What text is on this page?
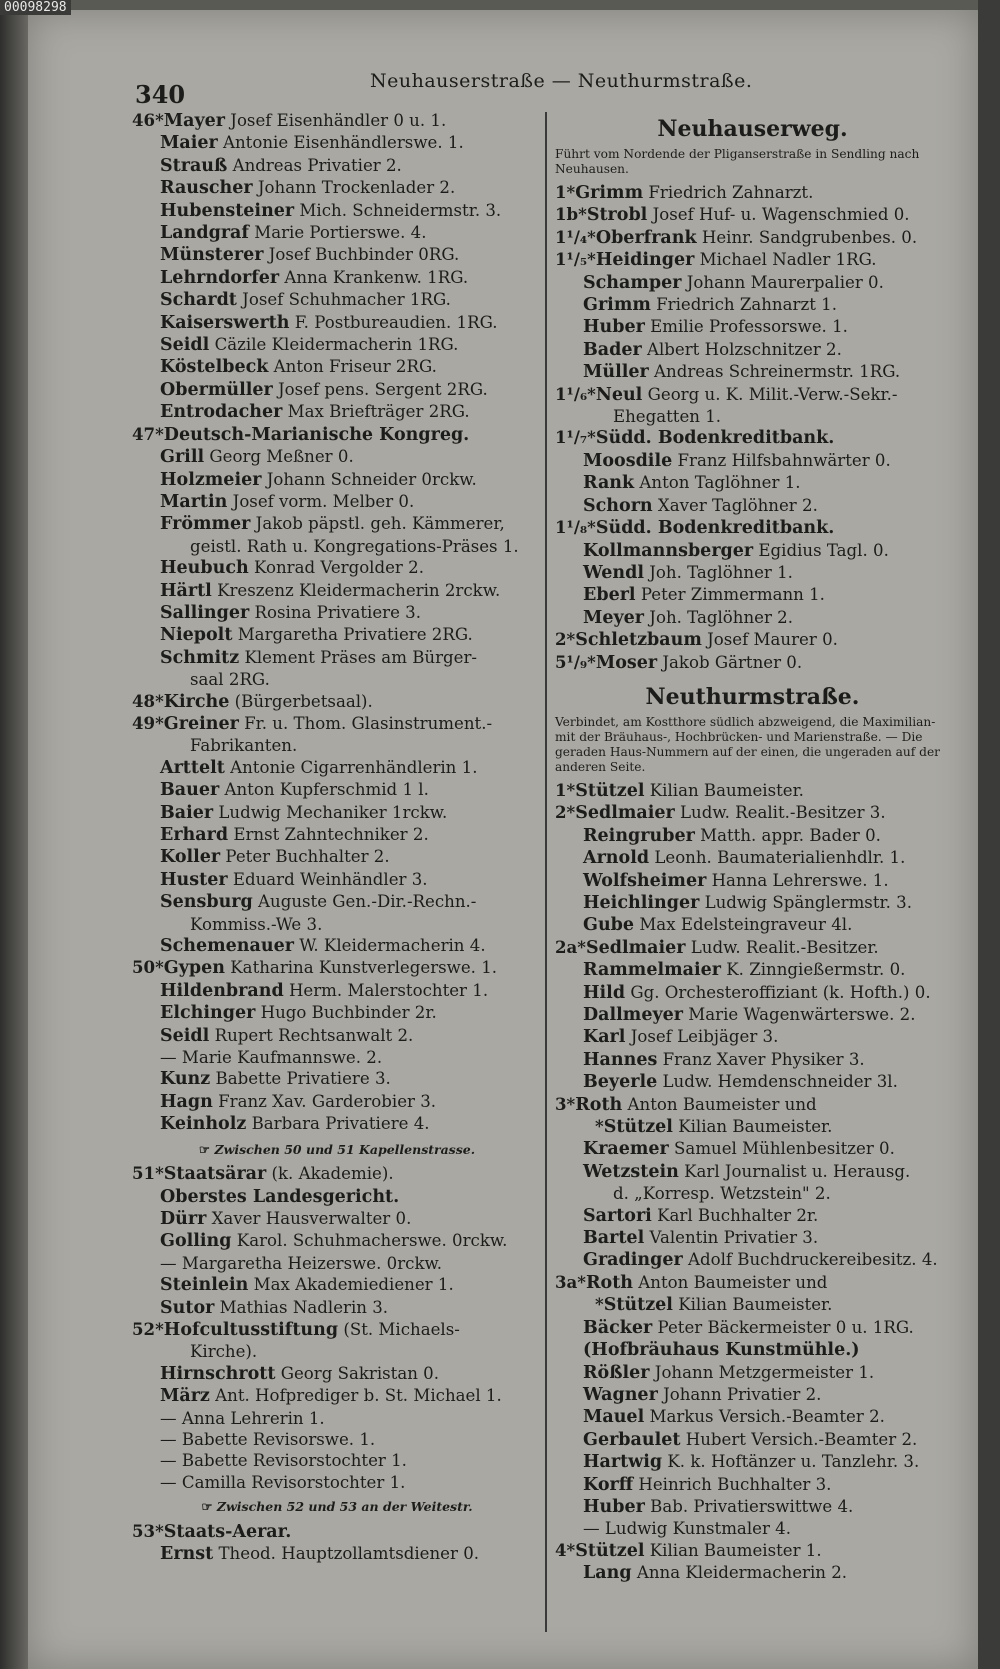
00098298
340	Neuhauserstraße — Neuthurmstraße.
46*Mayer Josef Eisenhändler 0 u. 1.
Maier Antonie Eisenhändlerswe. 1.
Strauß Andreas Privatier 2.
Rauscher Johann Trockenlader 2.
Hubensteiner Mich. Schneidermstr. 3.
Landgraf Marie Portierswe. 4.
Münsterer Josef Buchbinder 0RG.
Lehrndorfer Anna Krankenw. 1RG.
Schardt Josef Schuhmacher 1RG.
Kaiserswerth F. Postbureaudien. 1RG.
Seidl Cäzile Kleidermacherin 1RG.
Köstelbeck Anton Friseur 2RG.
Obermüller Josef pens. Sergent 2RG.
Entrodacher Max Briefträger 2RG.
47*Deutsch-Marianische Kongreg.
Grill Georg Meßner 0.
Holzmeier Johann Schneider 0rckw.
Martin Josef vorm. Melber 0.
Frömmer Jakob päpstl. geh. Kämmerer,
geistl. Rath u. Kongregations-Präses 1.
Heubuch Konrad Vergolder 2.
Härtl Kreszenz Kleidermacherin 2rckw.
Sallinger Rosina Privatiere 3.
Niepolt Margaretha Privatiere 2RG.
Schmitz Klement Präses am Bürger-
saal 2RG.
48*Kirche (Bürgerbetsaal).
49*Greiner Fr. u. Thom. Glasinstrument.-
Fabrikanten.
Arttelt Antonie Cigarrenhändlerin 1.
Bauer Anton Kupferschmid 1 l.
Baier Ludwig Mechaniker 1rckw.
Erhard Ernst Zahntechniker 2.
Koller Peter Buchhalter 2.
Huster Eduard Weinhändler 3.
Sensburg Auguste Gen.-Dir.-Rechn.-
Kommiss.-We 3.
Schemenauer W. Kleidermacherin 4.
50*Gypen Katharina Kunstverlegerswe. 1.
Hildenbrand Herm. Malerstochter 1.
Elchinger Hugo Buchbinder 2r.
Seidl Rupert Rechtsanwalt 2.
— Marie Kaufmannswe. 2.
Kunz Babette Privatiere 3.
Hagn Franz Xav. Garderobier 3.
Keinholz Barbara Privatiere 4.
☞ Zwischen 50 und 51 Kapellenstrasse.
51*Staatsärar (k. Akademie).
Oberstes Landesgericht.
Dürr Xaver Hausverwalter 0.
Golling Karol. Schuhmacherswe. 0rckw.
— Margaretha Heizerswe. 0rckw.
Steinlein Max Akademiediener 1.
Sutor Mathias Nadlerin 3.
52*Hofcultusstiftung (St. Michaels-
Kirche).
Hirnschrott Georg Sakristan 0.
März Ant. Hofprediger b. St. Michael 1.
— Anna Lehrerin 1.
— Babette Revisorswe. 1.
— Babette Revisorstochter 1.
— Camilla Revisorstochter 1.
☞ Zwischen 52 und 53 an der Weitestr.
53*Staats-Aerar.
Ernst Theod. Hauptzollamtsdiener 0.
Neuhauserweg.
Führt vom Nordende der Pliganserstraße in Sendling nach Neuhausen.
1*Grimm Friedrich Zahnarzt.
1b*Strobl Josef Huf- u. Wagenschmied 0.
1¹/₄*Oberfrank Heinr. Sandgrubenbes. 0.
1¹/₅*Heidinger Michael Nadler 1RG.
Schamper Johann Maurerpalier 0.
Grimm Friedrich Zahnarzt 1.
Huber Emilie Professorswe. 1.
Bader Albert Holzschnitzer 2.
Müller Andreas Schreinermstr. 1RG.
1¹/₆*Neul Georg u. K. Milit.-Verw.-Sekr.-
Ehegatten 1.
1¹/₇*Südd. Bodenkreditbank.
Moosdile Franz Hilfsbahnwärter 0.
Rank Anton Taglöhner 1.
Schorn Xaver Taglöhner 2.
1¹/₈*Südd. Bodenkreditbank.
Kollmannsberger Egidius Tagl. 0.
Wendl Joh. Taglöhner 1.
Eberl Peter Zimmermann 1.
Meyer Joh. Taglöhner 2.
2*Schletzbaum Josef Maurer 0.
5¹/₉*Moser Jakob Gärtner 0.
Neuthurmstraße.
Verbindet, am Kostthore südlich abzweigend, die Maximilian- mit der Bräuhaus-, Hochbrücken- und Marienstraße. — Die geraden Haus-Nummern auf der einen, die ungeraden auf der anderen Seite.
1*Stützel Kilian Baumeister.
2*Sedlmaier Ludw. Realit.-Besitzer 3.
Reingruber Matth. appr. Bader 0.
Arnold Leonh. Baumaterialienhdlr. 1.
Wolfsheimer Hanna Lehrerswe. 1.
Heichlinger Ludwig Spänglermstr. 3.
Gube Max Edelsteingraveur 4l.
2a*Sedlmaier Ludw. Realit.-Besitzer.
Rammelmaier K. Zinngießermstr. 0.
Hild Gg. Orchesteroffiziant (k. Hofth.) 0.
Dallmeyer Marie Wagenwärterswe. 2.
Karl Josef Leibjäger 3.
Hannes Franz Xaver Physiker 3.
Beyerle Ludw. Hemdenschneider 3l.
3*Roth Anton Baumeister und
*Stützel Kilian Baumeister.
Kraemer Samuel Mühlenbesitzer 0.
Wetzstein Karl Journalist u. Herausg.
d. „Korresp. Wetzstein" 2.
Sartori Karl Buchhalter 2r.
Bartel Valentin Privatier 3.
Gradinger Adolf Buchdruckereibesitz. 4.
3a*Roth Anton Baumeister und
*Stützel Kilian Baumeister.
Bäcker Peter Bäckermeister 0 u. 1RG.
(Hofbräuhaus Kunstmühle.)
Rößler Johann Metzgermeister 1.
Wagner Johann Privatier 2.
Mauel Markus Versich.-Beamter 2.
Gerbaulet Hubert Versich.-Beamter 2.
Hartwig K. k. Hoftänzer u. Tanzlehr. 3.
Korff Heinrich Buchhalter 3.
Huber Bab. Privatierswittwe 4.
— Ludwig Kunstmaler 4.
4*Stützel Kilian Baumeister 1.
Lang Anna Kleidermacherin 2.
